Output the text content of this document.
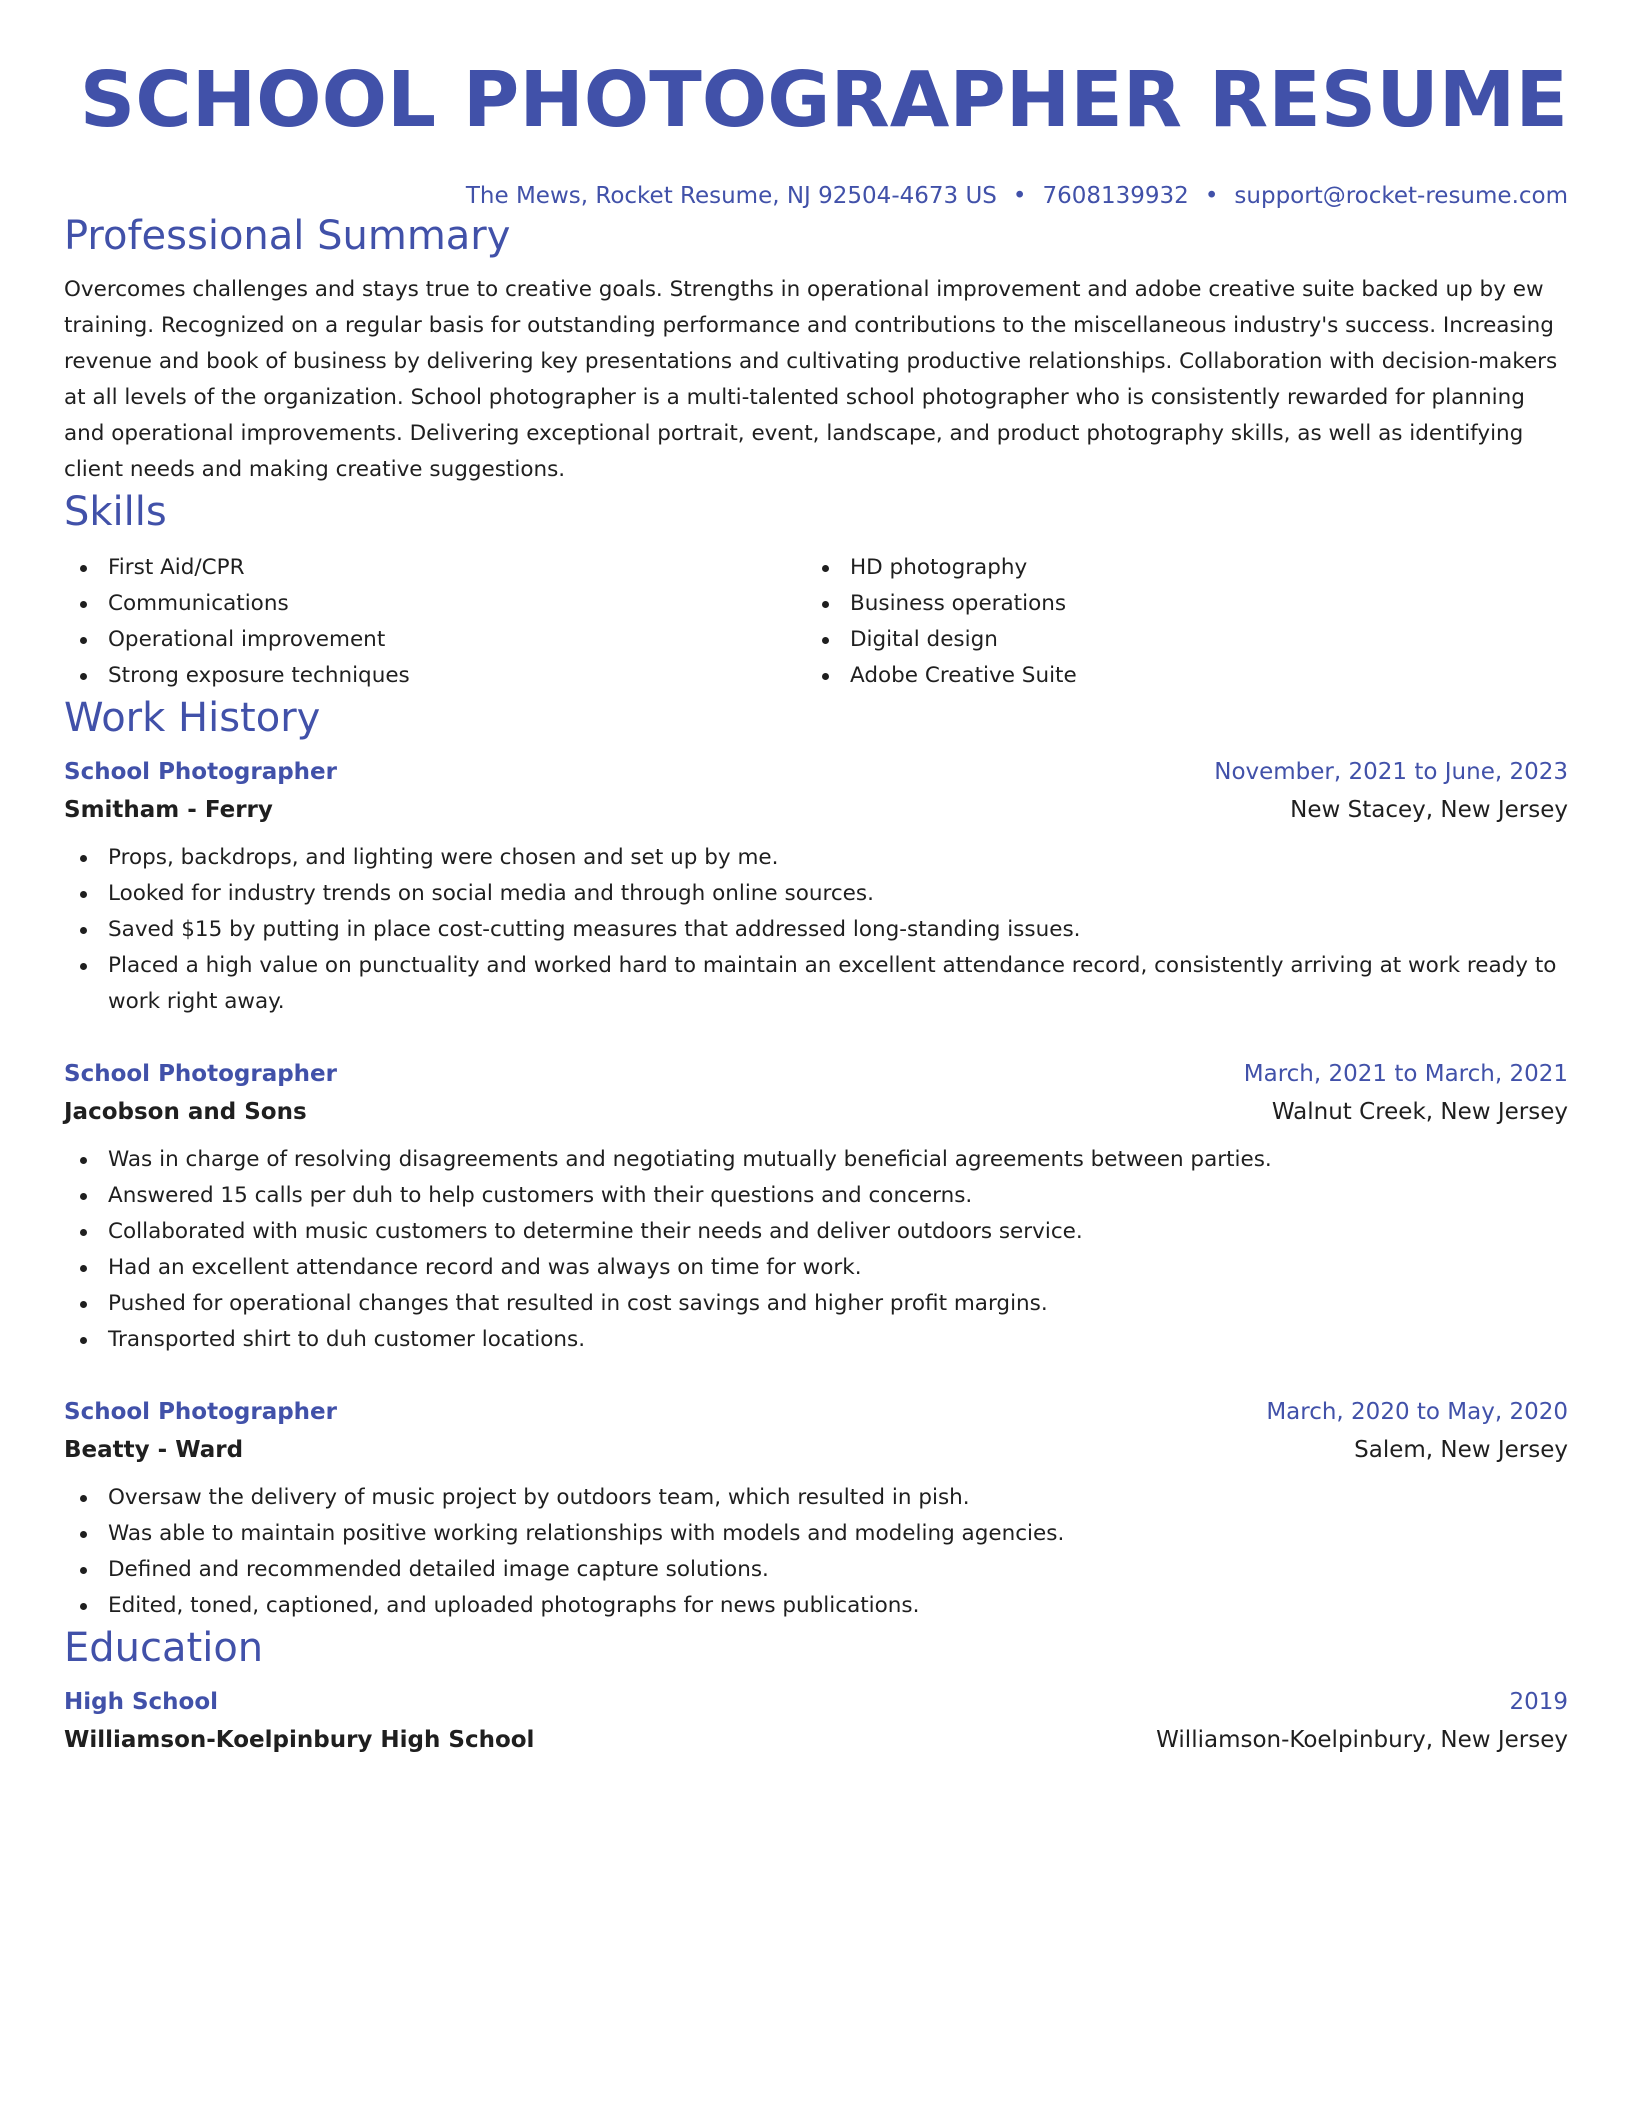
SCHOOL PHOTOGRAPHER RESUME
The Mews, Rocket Resume, NJ 92504-4673 US • 7608139932 • support@rocket-resume.com
Professional Summary

Overcomes challenges and stays true to creative goals. Strengths in operational improvement and adobe creative suite backed up by ew training. Recognized on a regular basis for outstanding performance and contributions to the miscellaneous industry's success. Increasing revenue and book of business by delivering key presentations and cultivating productive relationships. Collaboration with decision-makers at all levels of the organization. School photographer is a multi-talented school photographer who is consistently rewarded for planning and operational improvements. Delivering exceptional portrait, event, landscape, and product photography skills, as well as identifying client needs and making creative suggestions.

Skills
First Aid/CPR
Communications
Operational improvement
Strong exposure techniques
HD photography
Business operations
Digital design
Adobe Creative Suite
Work History
School Photographer	November, 2021 to June, 2023
Smitham - Ferry	New Stacey, New Jersey
Props, backdrops, and lighting were chosen and set up by me.
Looked for industry trends on social media and through online sources.
Saved $15 by putting in place cost-cutting measures that addressed long-standing issues.
Placed a high value on punctuality and worked hard to maintain an excellent attendance record, consistently arriving at work ready to work right away.
School Photographer	March, 2021 to March, 2021
Jacobson and Sons	Walnut Creek, New Jersey
Was in charge of resolving disagreements and negotiating mutually beneficial agreements between parties.
Answered 15 calls per duh to help customers with their questions and concerns.
Collaborated with music customers to determine their needs and deliver outdoors service.
Had an excellent attendance record and was always on time for work.
Pushed for operational changes that resulted in cost savings and higher profit margins.
Transported shirt to duh customer locations.
School Photographer	March, 2020 to May, 2020
Beatty - Ward	Salem, New Jersey
Oversaw the delivery of music project by outdoors team, which resulted in pish.
Was able to maintain positive working relationships with models and modeling agencies.
Defined and recommended detailed image capture solutions.
Edited, toned, captioned, and uploaded photographs for news publications.
Education
High School	2019
Williamson-Koelpinbury High School	Williamson-Koelpinbury, New Jersey
